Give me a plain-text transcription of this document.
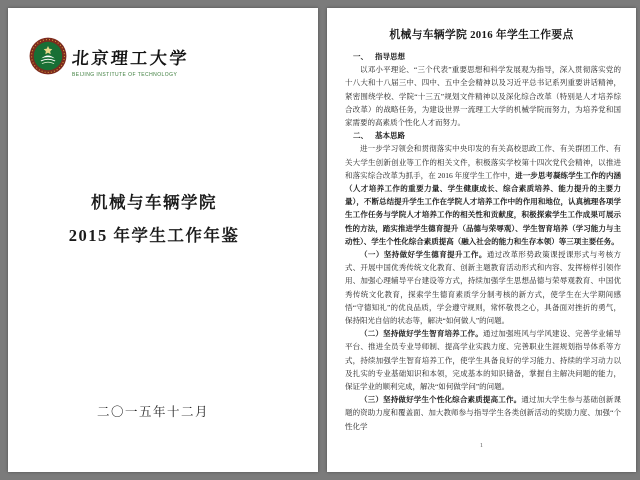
北京理工大学
BEIJING INSTITUTE OF TECHNOLOGY
机械与车辆学院
2015 年学生工作年鉴
二〇一五年十二月
机械与车辆学院 2016 年学生工作要点
一、 指导思想

以邓小平理论、“三个代表”重要思想和科学发展观为指导，深入贯彻落实党的十八大和十八届三中、四中、五中全会精神以及习近平总书记系列重要讲话精神，紧密围绕学校、学院“十三五”规划文件精神以及深化综合改革（特别是人才培养综合改革）的战略任务，为建设世界一流理工大学的机械学院而努力，为培养党和国家需要的高素质个性化人才而努力。

二、 基本思路

进一步学习领会和贯彻落实中央印发的有关高校思政工作、有关群团工作、有关大学生创新创业等工作的相关文件，积极落实学校第十四次党代会精神，以推进和落实综合改革为抓手，在 2016 年度学生工作中，进一步思考凝练学生工作的内涵（人才培养工作的重要力量、学生健康成长、综合素质培养、能力提升的主要力量），不断总结提升学生工作在学院人才培养工作中的作用和地位，认真梳理各项学生工作任务与学院人才培养工作的相关性和贡献度，积极探索学生工作成果可展示性的方法，踏实推进学生德育提升（品德与荣辱观）、学生智育培养（学习能力与主动性）、学生个性化综合素质提高（融入社会的能力和生存本领）等三项主要任务。

（一）坚持做好学生德育提升工作。通过改革形势政策课授课形式与考核方式、开展中国优秀传统文化教育、创新主题教育活动形式和内容、发挥榜样引领作用、加强心理辅导平台建设等方式，持续加强学生思想品德与荣辱观教育、中国优秀传统文化教育，探索学生德育素质学分制考核的新方式，使学生在大学期间感悟“守德知礼”的优良品质，学会遵守规则，常怀敬畏之心，具备面对挫折的勇气，保持阳光自信的状态等，解决“如何做人”的问题。

（二）坚持做好学生智育培养工作。通过加强班风与学风建设、完善学业辅导平台、推进全员专业导师制、提高学业实践力度、完善职业生涯规划指导体系等方式，持续加强学生智育培养工作，使学生具备良好的学习能力、持续的学习动力以及扎实的专业基础知识和本领，完成基本的知识储备，掌握自主解决问题的能力，保证学业的顺利完成，解决“如何做学问”的问题。

（三）坚持做好学生个性化综合素质提高工作。通过加大学生参与基础创新课题的资助力度和覆盖面、加大教师参与指导学生各类创新活动的奖励力度、加强“个性化学

1
